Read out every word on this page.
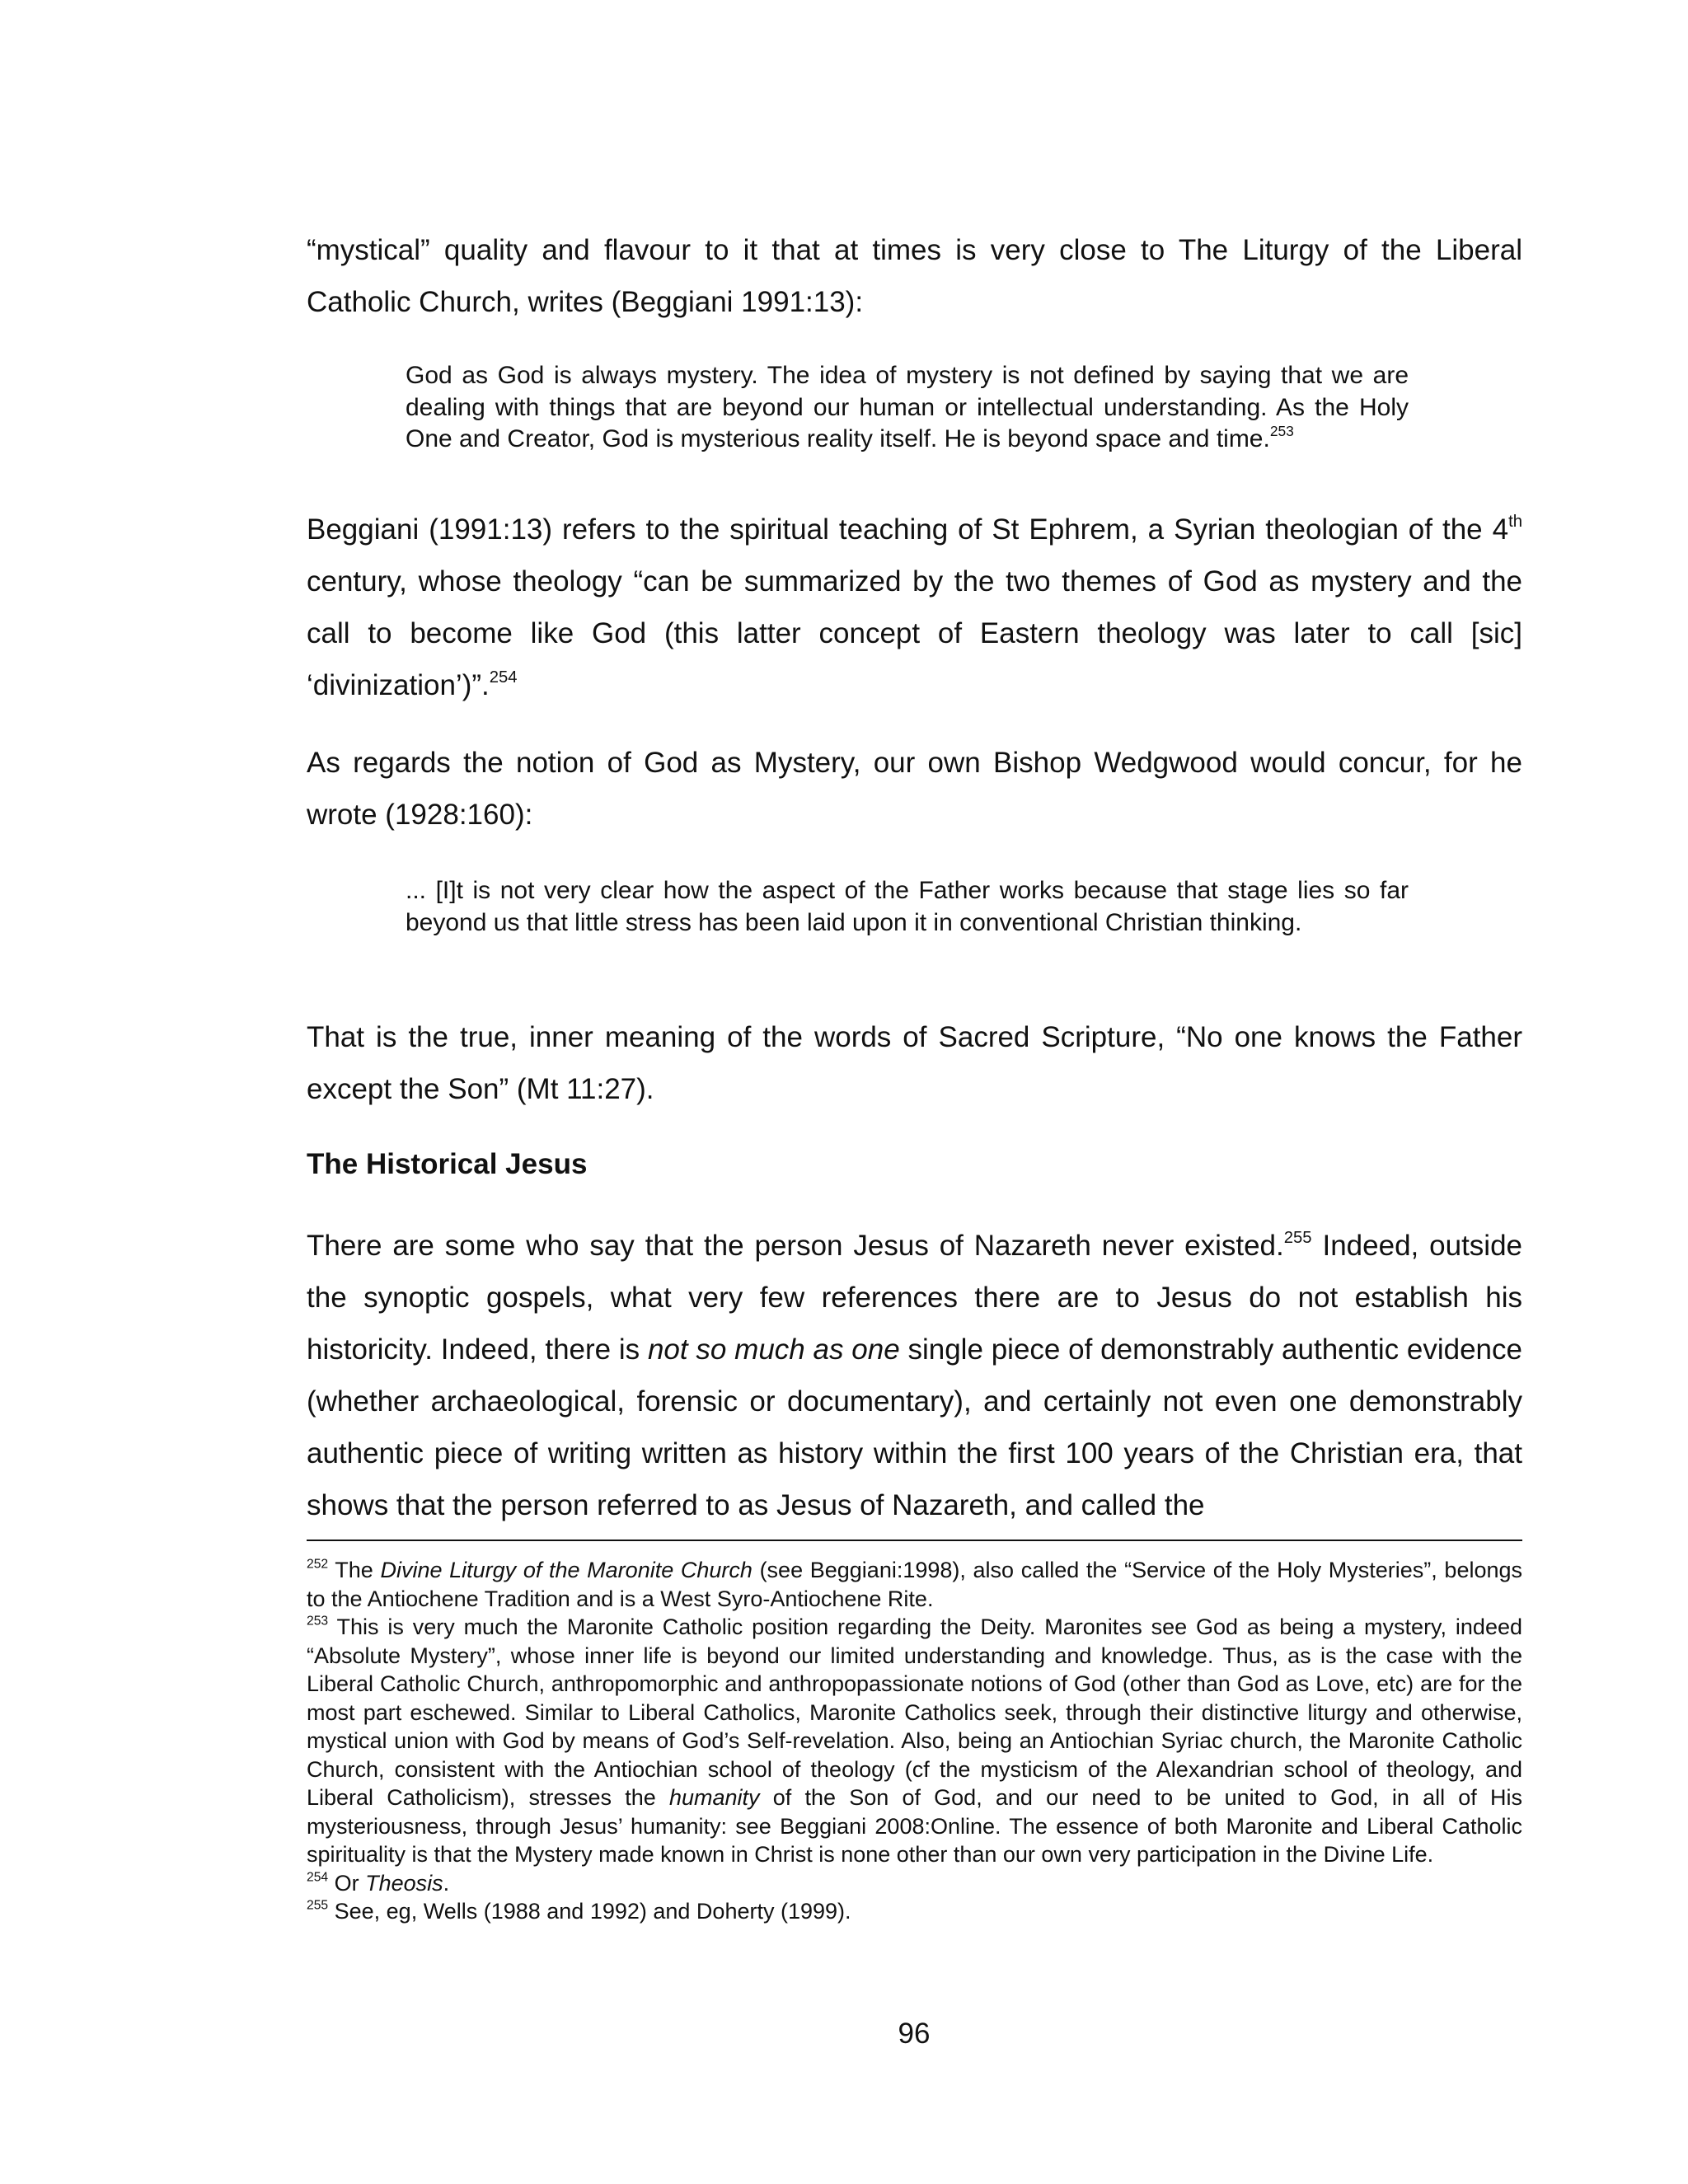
“mystical” quality and flavour to it that at times is very close to The Liturgy of the Liberal Catholic Church, writes (Beggiani 1991:13):

God as God is always mystery. The idea of mystery is not defined by saying that we are dealing with things that are beyond our human or intellectual understanding. As the Holy One and Creator, God is mysterious reality itself. He is beyond space and time.$^{253}$

Beggiani (1991:13) refers to the spiritual teaching of St Ephrem, a Syrian theologian of the 4th century, whose theology “can be summarized by the two themes of God as mystery and the call to become like God (this latter concept of Eastern theology was later to call [sic] ‘divinization’)”.$^{254}$

As regards the notion of God as Mystery, our own Bishop Wedgwood would concur, for he wrote (1928:160):

... [I]t is not very clear how the aspect of the Father works because that stage lies so far beyond us that little stress has been laid upon it in conventional Christian thinking.

That is the true, inner meaning of the words of Sacred Scripture, “No one knows the Father except the Son” (Mt 11:27).

The Historical Jesus

There are some who say that the person Jesus of Nazareth never existed.$^{255}$ Indeed, outside the synoptic gospels, what very few references there are to Jesus do not establish his historicity. Indeed, there is not so much as one single piece of demonstrably authentic evidence (whether archaeological, forensic or documentary), and certainly not even one demonstrably authentic piece of writing written as history within the first 100 years of the Christian era, that shows that the person referred to as Jesus of Nazareth, and called the

$^{252}$ The Divine Liturgy of the Maronite Church (see Beggiani:1998), also called the “Service of the Holy Mysteries”, belongs to the Antiochene Tradition and is a West Syro-Antiochene Rite.

$^{253}$ This is very much the Maronite Catholic position regarding the Deity. Maronites see God as being a mystery, indeed “Absolute Mystery”, whose inner life is beyond our limited understanding and knowledge. Thus, as is the case with the Liberal Catholic Church, anthropomorphic and anthropopassionate notions of God (other than God as Love, etc) are for the most part eschewed. Similar to Liberal Catholics, Maronite Catholics seek, through their distinctive liturgy and otherwise, mystical union with God by means of God’s Self-revelation. Also, being an Antiochian Syriac church, the Maronite Catholic Church, consistent with the Antiochian school of theology (cf the mysticism of the Alexandrian school of theology, and Liberal Catholicism), stresses the humanity of the Son of God, and our need to be united to God, in all of His mysteriousness, through Jesus’ humanity: see Beggiani 2008:Online. The essence of both Maronite and Liberal Catholic spirituality is that the Mystery made known in Christ is none other than our own very participation in the Divine Life.

$^{254}$ Or Theosis.

$^{255}$ See, eg, Wells (1988 and 1992) and Doherty (1999).

96
